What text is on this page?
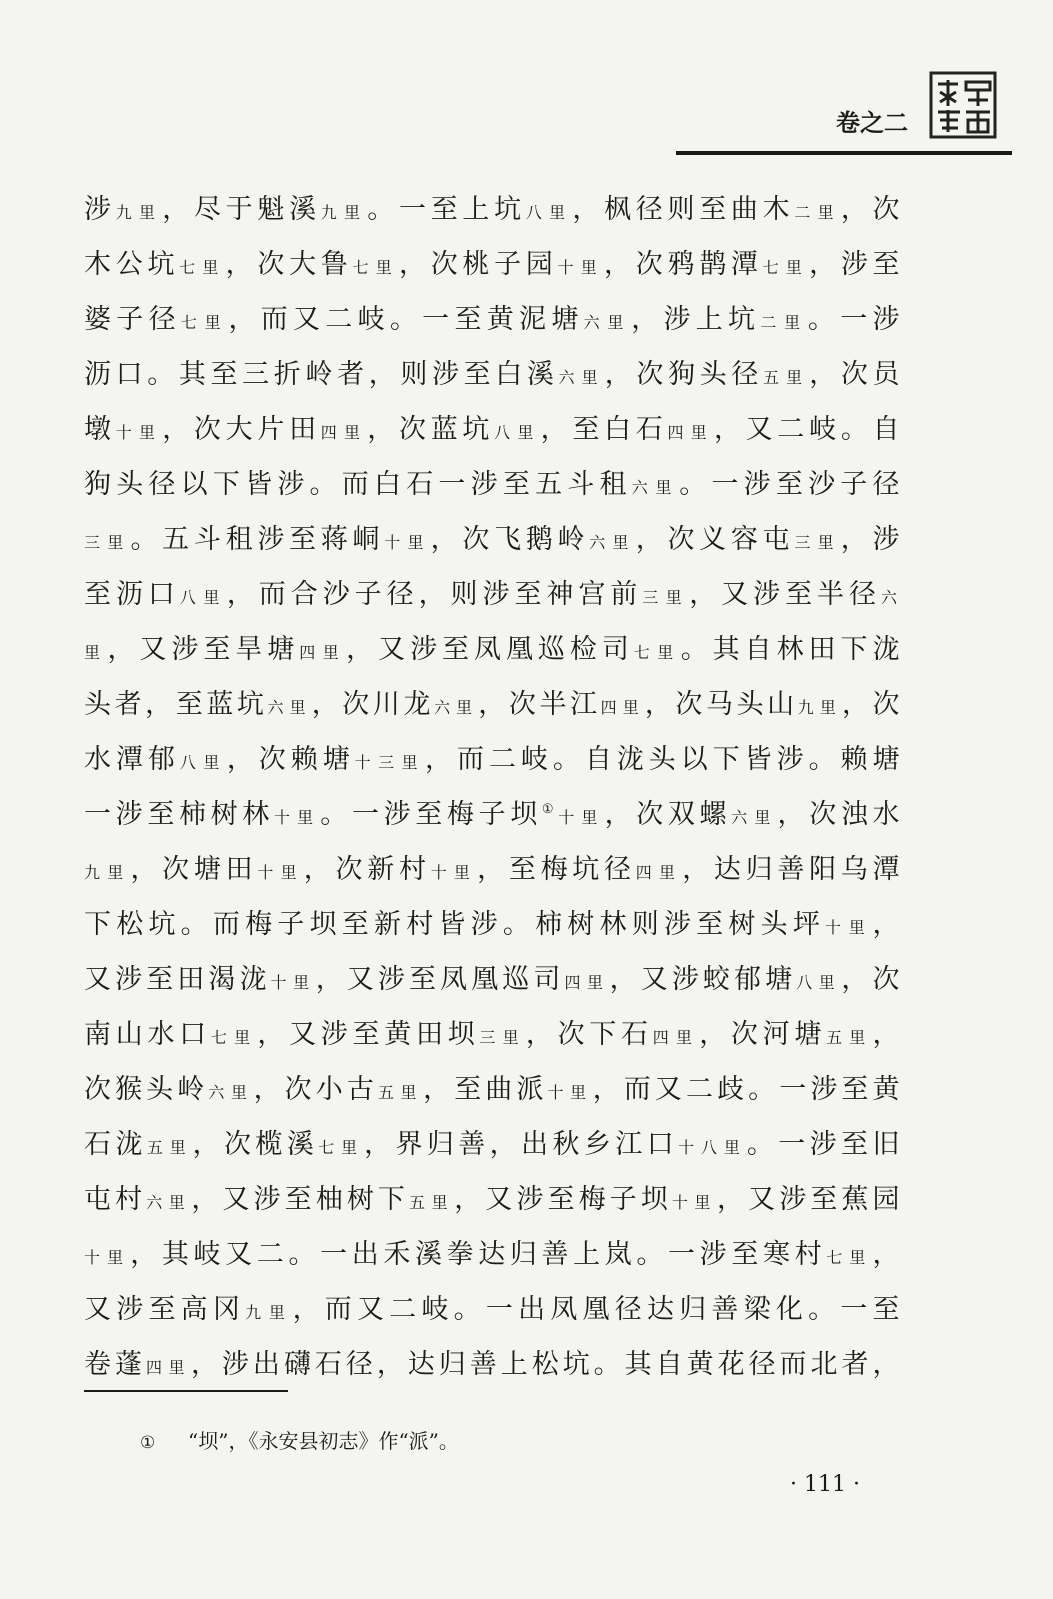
卷之二
涉九里，尽于魁溪九里。一至上坑八里，枫径则至曲木二里，次
木公坑七里，次大鲁七里，次桃子园十里，次鸦鹊潭七里，涉至
婆子径七里，而又二岐。一至黄泥塘六里，涉上坑二里。一涉
沥口。其至三折岭者，则涉至白溪六里，次狗头径五里，次员
墩十里，次大片田四里，次蓝坑八里，至白石四里，又二岐。自
狗头径以下皆涉。而白石一涉至五斗租六里。一涉至沙子径
三里。五斗租涉至蒋峒十里，次飞鹅岭六里，次义容屯三里，涉
至沥口八里，而合沙子径，则涉至神宫前三里，又涉至半径六
里，又涉至旱塘四里，又涉至凤凰巡检司七里。其自林田下泷
头者，至蓝坑六里，次川龙六里，次半江四里，次马头山九里，次
水潭郁八里，次赖塘十三里，而二岐。自泷头以下皆涉。赖塘
一涉至柿树林十里。一涉至梅子坝①十里，次双螺六里，次浊水
九里，次塘田十里，次新村十里，至梅坑径四里，达归善阳乌潭
下松坑。而梅子坝至新村皆涉。柿树林则涉至树头坪十里，
又涉至田渴泷十里，又涉至凤凰巡司四里，又涉蛟郁塘八里，次
南山水口七里，又涉至黄田坝三里，次下石四里，次河塘五里，
次猴头岭六里，次小古五里，至曲派十里，而又二歧。一涉至黄
石泷五里，次榄溪七里，界归善，出秋乡江口十八里。一涉至旧
屯村六里，又涉至柚树下五里，又涉至梅子坝十里，又涉至蕉园
十里，其岐又二。一出禾溪拳达归善上岚。一涉至寒村七里，
又涉至高冈九里，而又二岐。一出凤凰径达归善梁化。一至
卷蓬四里，涉出礴石径，达归善上松坑。其自黄花径而北者，
① “坝”，《永安县初志》作“派”。
· 111 ·
